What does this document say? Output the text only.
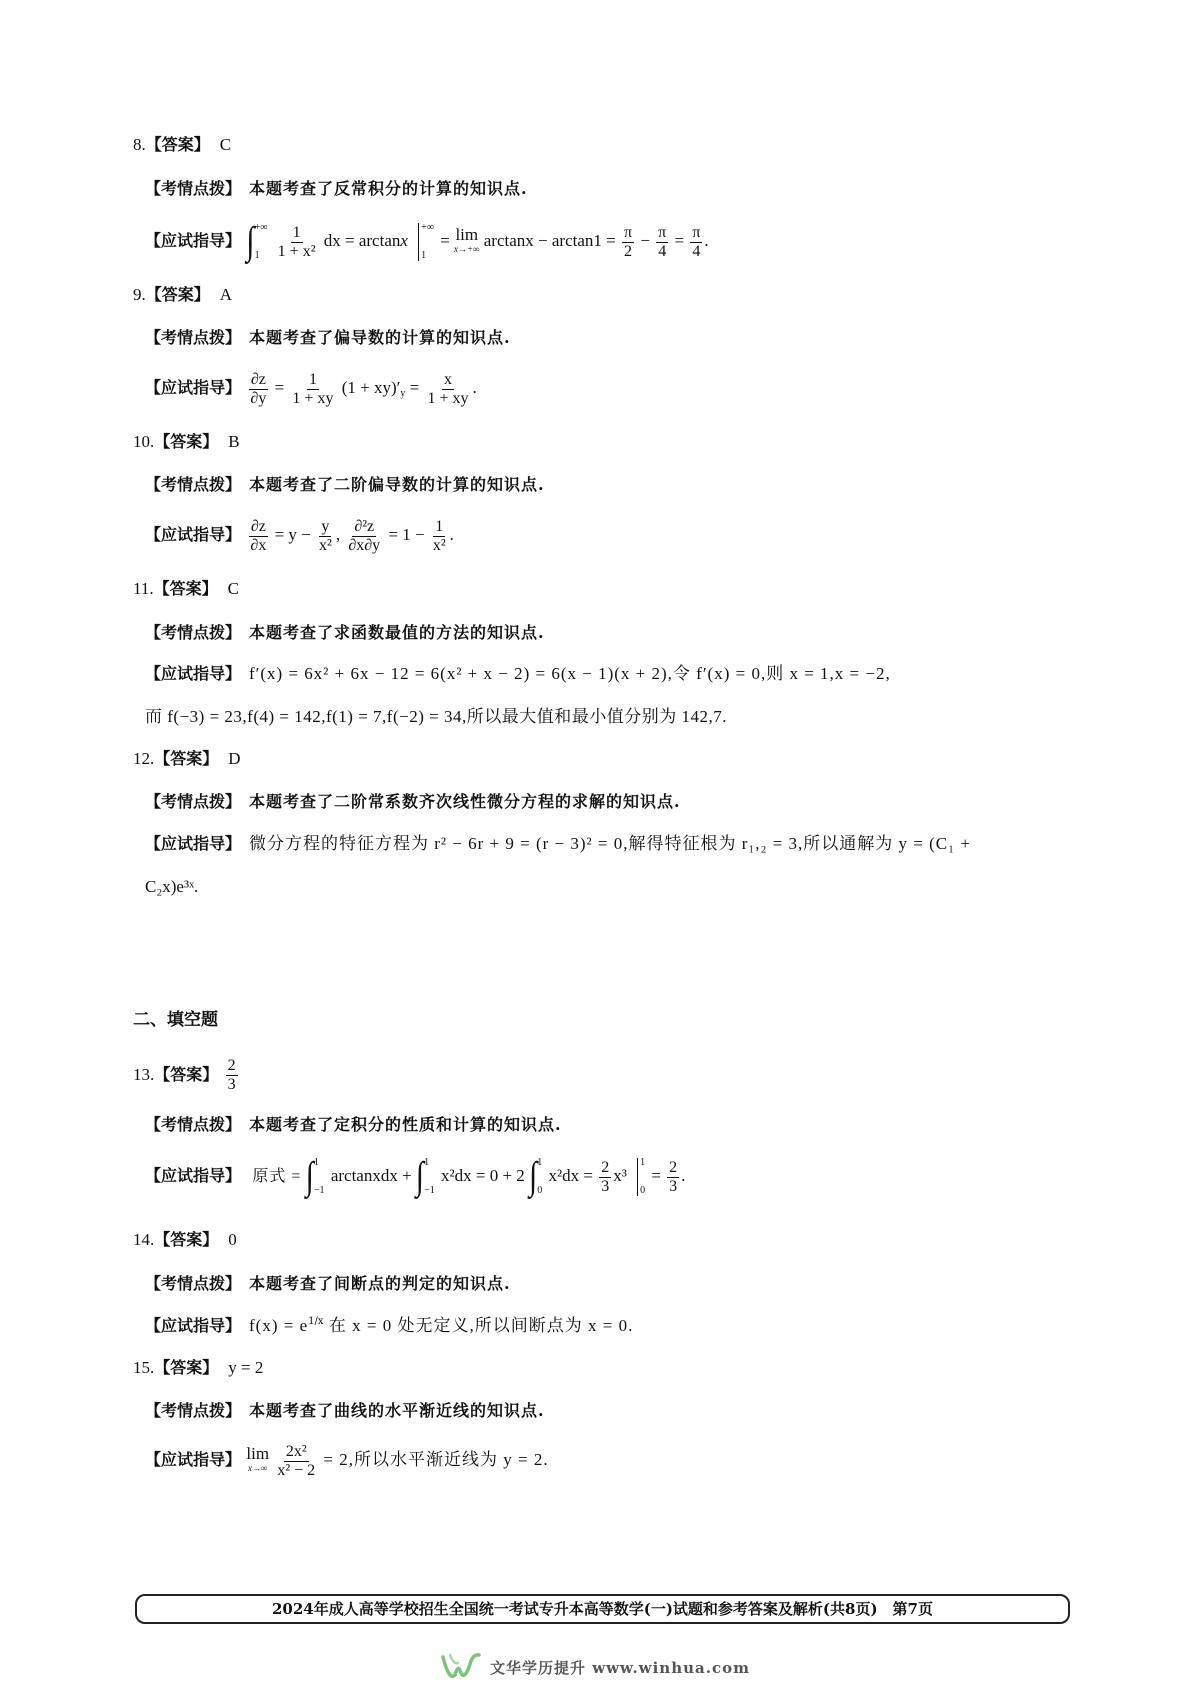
8.【答案】 C
【考情点拨】 本题考查了反常积分的计算的知识点.
【应试指导】 ∫ +∞
1
	$\frac{1}{\text{1 + x²}}$ dx = arctanx
+∞
1
= lim
x→+∞ $\arctan x - \arctan 1 = \frac{\pi}{2} - \frac{\pi}{4} = \frac{\pi}{4}$ .
9.【答案】 A
【考情点拨】 本题考查了偏导数的计算的知识点.
【应试指导】 $\frac{\partial z}{\partial y} = \frac{1}{1 + xy} (1 + xy)'_y = \frac{x}{1 + xy}$ .
10.【答案】 B
【考情点拨】 本题考查了二阶偏导数的计算的知识点.
【应试指导】 $\frac{\partial z}{\partial x} = y - \frac{y}{\text{x²}}$ , $\frac{\text{∂²z}}{\partial x\partial y} = 1 - \frac{1}{\text{x²}}$ .
11.【答案】 C
【考情点拨】 本题考查了求函数最值的方法的知识点.
【应试指导】 f′(x) = 6x² + 6x − 12 = 6(x² + x − 2) = 6(x − 1)(x + 2),令 f′(x) = 0,则 x = 1,x = −2,
而 f(−3) = 23,f(4) = 142,f(1) = 7,f(−2) = 34,所以最大值和最小值分别为 142,7.
12.【答案】 D
【考情点拨】 本题考查了二阶常系数齐次线性微分方程的求解的知识点.
【应试指导】 微分方程的特征方程为 r² − 6r + 9 = (r − 3)² = 0,解得特征根为 r₁,₂ = 3,所以通解为 y = (C₁ +
C₂x)e³ˣ.
二、填空题
13.【答案】 $\frac{2}{3}$
【考情点拨】 本题考查了定积分的性质和计算的知识点.
【应试指导】 原式 = ∫ 1
−1
arctanxdx + ∫ 1
−1
x²dx = 0 + 2 ∫ 1
0
$x^2dx = \frac{2}{3} x^3$
1
0
= $\frac{2}{3}$ .
14.【答案】 0
【考情点拨】 本题考查了间断点的判定的知识点.
【应试指导】 $f(x) = e^{1/x}$ 在 x = 0 处无定义,所以间断点为 x = 0.
15.【答案】 y = 2
【考情点拨】 本题考查了曲线的水平渐近线的知识点.
【应试指导】 lim
x→∞
$\frac{\text{2x²}}{\text{x² − 2}} = 2$,所以水平渐近线为 y = 2.
2024年成人高等学校招生全国统一考试专升本高等数学(一)试题和参考答案及解析(共8页)　第7页
文华学历提升 www.winhua.com
